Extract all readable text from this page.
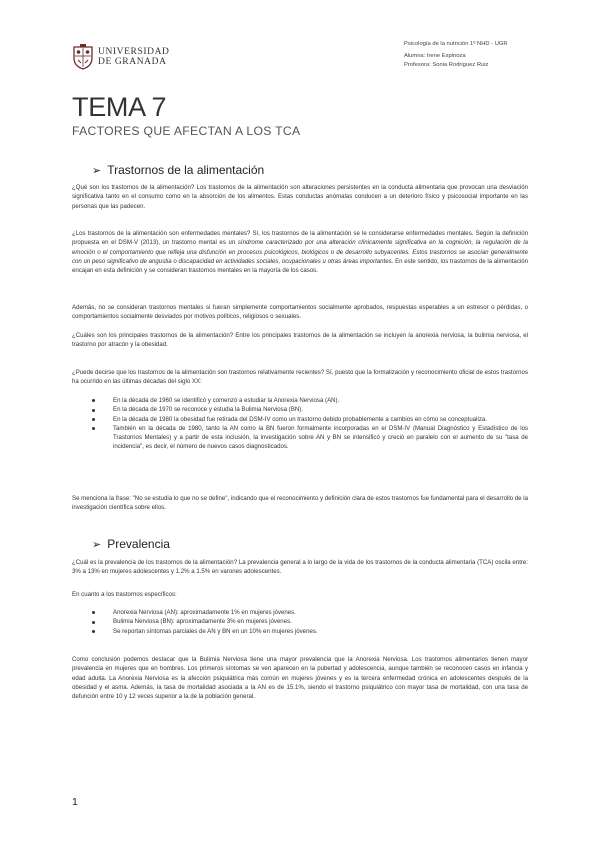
UNIVERSIDAD
DE GRANADA
Psicología de la nutrición 1º NHD - UGR
Alumna: Irene Espinoza
Profesora: Sonia Rodriguez Ruiz
TEMA 7

FACTORES QUE AFECTAN A LOS TCA

➢ Trastornos de la alimentación

¿Qué son los trastornos de la alimentación? Los trastornos de la alimentación son alteraciones persistentes en la conducta alimentaria que provocan una desviación significativa tanto en el consumo como en la absorción de los alimentos. Estas conductas anómalas conducen a un deterioro físico y psicosocial importante en las personas que las padecen.

¿Los trastornos de la alimentación son enfermedades mentales? Sí, los trastornos de la alimentación se le considerarse enfermedades mentales. Según la definición propuesta en el DSM-V (2013), un trastorno mental es un síndrome caracterizado por una alteración clínicamente significativa en la cognición, la regulación de la emoción o el comportamiento que refleja una disfunción en procesos psicológicos, biológicos o de desarrollo subyacentes. Estos trastornos se asocian generalmente con un peso significativo de angustia o discapacidad en actividades sociales, ocupacionales u otras áreas importantes. En este sentido, los trastornos de la alimentación encajan en esta definición y se consideran trastornos mentales en la mayoría de los casos.

Además, no se consideran trastornos mentales si fueran simplemente comportamientos socialmente aprobados, respuestas esperables a un estresor o pérdidas, o comportamientos socialmente desviados por motivos políticos, religiosos o sexuales.

¿Cuáles son los principales trastornos de la alimentación? Entre los principales trastornos de la alimentación se incluyen la anorexia nerviosa, la bulimia nerviosa, el trastorno por atracón y la obesidad.

¿Puede decirse que los trastornos de la alimentación son trastornos relativamente recientes? Sí, puesto que la formalización y reconocimiento oficial de estos trastornos ha ocurrido en las últimas décadas del siglo XX:

En la década de 1960 se identificó y comenzó a estudiar la Anorexia Nerviosa (AN).
En la década de 1970 se reconoce y estudia la Bulimia Nerviosa (BN).
En la década de 1980 la obesidad fue retirada del DSM-IV como un trastorno debido probablemente a cambios en cómo se conceptualiza.
También en la década de 1980, tanto la AN como la BN fueron formalmente incorporadas en el DSM-IV (Manual Diagnóstico y Estadístico de los Trastornos Mentales) y a partir de esta inclusión, la investigación sobre AN y BN se intensificó y creció en paralelo con el aumento de su "tasa de incidencia", es decir, el número de nuevos casos diagnosticados.

Se menciona la frase: "No se estudia lo que no se define", indicando que el reconocimiento y definición clara de estos trastornos fue fundamental para el desarrollo de la investigación científica sobre ellos.

➢ Prevalencia

¿Cuál es la prevalencia de los trastornos de la alimentación? La prevalencia general a lo largo de la vida de los trastornos de la conducta alimentaria (TCA) oscila entre: 3% a 13% en mujeres adolescentes y 1.2% a 1.5% en varones adolescentes.

En cuanto a los trastornos específicos:

Anorexia Nerviosa (AN): aproximadamente 1% en mujeres jóvenes.
Bulimia Nerviosa (BN): aproximadamente 3% en mujeres jóvenes.
Se reportan síntomas parciales de AN y BN en un 10% en mujeres jóvenes.

Como conclusión podemos destacar que la Bulimia Nerviosa tiene una mayor prevalencia que la Anorexia Nerviosa. Los trastornos alimentarios tienen mayor prevalencia en mujeres que en hombres. Los primeros síntomas se ven aparecen en la pubertad y adolescencia, aunque también se reconocen casos en infancia y edad adulta. La Anorexia Nerviosa es la afección psiquiátrica más común en mujeres jóvenes y es la tercera enfermedad crónica en adolescentes después de la obesidad y el asma. Además, la tasa de mortalidad asociada a la AN es de 15.1%, siendo el trastorno psiquiátrico con mayor tasa de mortalidad, con una tasa de defunción entre 10 y 12 veces superior a la de la población general.

1
